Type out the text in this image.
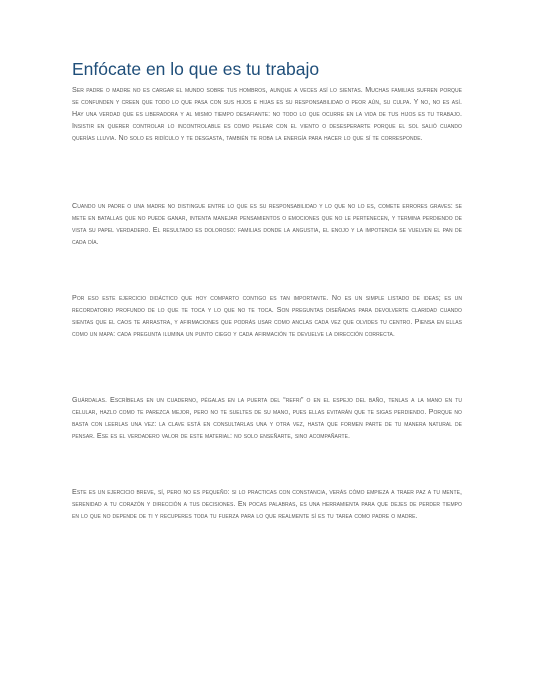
Enfócate en lo que es tu trabajo

Ser padre o madre no es cargar el mundo sobre tus hombros, aunque a veces así lo sientas. Muchas familias sufren porque se confunden y creen que todo lo que pasa con sus hijos e hijas es su responsabilidad o peor aún, su culpa. Y no, no es así. Hay una verdad que es liberadora y al mismo tiempo desafiante: no todo lo que ocurre en la vida de tus hijos es tu trabajo. Insistir en querer controlar lo incontrolable es como pelear con el viento o desesperarte porque el sol salió cuando querías lluvia. No solo es ridículo y te desgasta, también te roba la energía para hacer lo que sí te corresponde.

Cuando un padre o una madre no distingue entre lo que es su responsabilidad y lo que no lo es, comete errores graves: se mete en batallas que no puede ganar, intenta manejar pensamientos o emociones que no le pertenecen, y termina perdiendo de vista su papel verdadero. El resultado es doloroso: familias donde la angustia, el enojo y la impotencia se vuelven el pan de cada día.

Por eso este ejercicio didáctico que hoy comparto contigo es tan importante. No es un simple listado de ideas; es un recordatorio profundo de lo que te toca y lo que no te toca. Son preguntas diseñadas para devolverte claridad cuando sientas que el caos te arrastra, y afirmaciones que podrás usar como anclas cada vez que olvides tu centro. Piensa en ellas como un mapa: cada pregunta ilumina un punto ciego y cada afirmación te devuelve la dirección correcta.

Guárdalas. Escríbelas en un cuaderno, pégalas en la puerta del “refri” o en el espejo del baño, tenlas a la mano en tu celular, hazlo como te parezca mejor, pero no te sueltes de su mano, pues ellas evitarán que te sigas perdiendo. Porque no basta con leerlas una vez: la clave está en consultarlas una y otra vez, hasta que formen parte de tu manera natural de pensar. Ese es el verdadero valor de este material: no solo enseñarte, sino acompañarte.

Este es un ejercicio breve, sí, pero no es pequeño: si lo practicas con constancia, verás cómo empieza a traer paz a tu mente, serenidad a tu corazón y dirección a tus decisiones. En pocas palabras, es una herramienta para que dejes de perder tiempo en lo que no depende de ti y recuperes toda tu fuerza para lo que realmente sí es tu tarea como padre o madre.
